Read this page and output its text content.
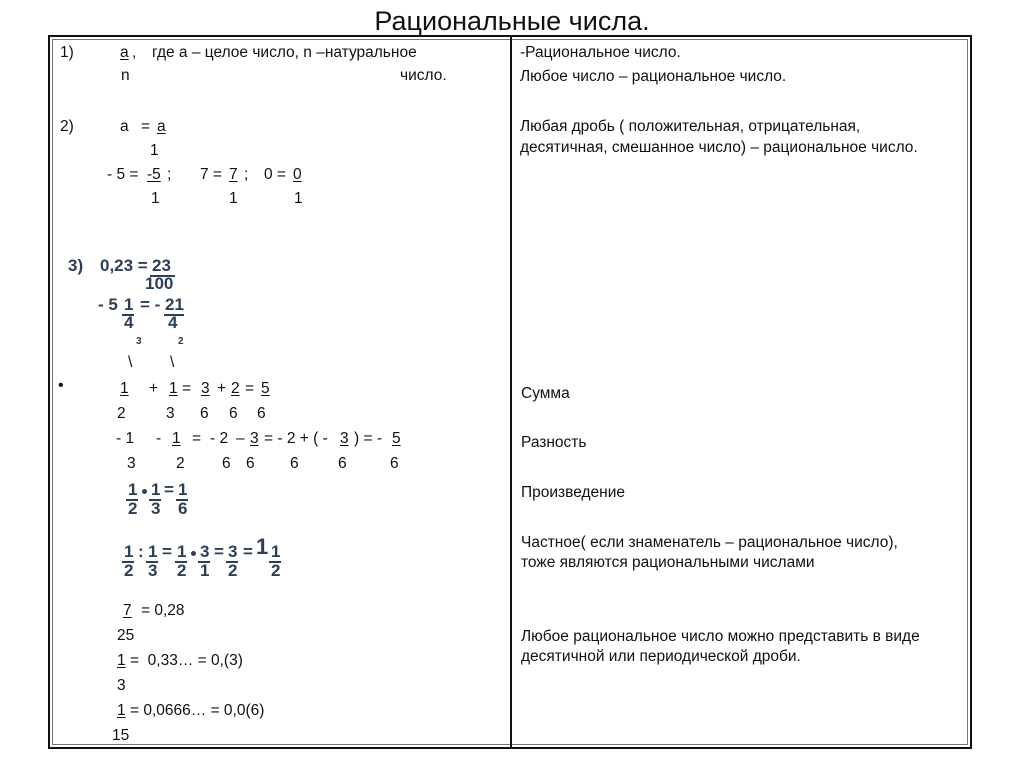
Рациональные числа.
1)	a , где а – целое число, n –натуральное
n	число.
2)	a = a
1
- 5 = -5 ; 7 = 7 ; 0 = 0
1	1	1
3) 0,23 = 23
100
- 5 1 = - 21
4 4
3	2
\ \
•	1 + 1 = 3 + 2 = 5
2	3 6 6 6
- 1 - 1 = - 2 – 3 = - 2 + ( - 3 ) = - 5
3	2 6 6 6	6	6
1 1 = 1
2 3 6
1 : 1 = 1 3 = 3 = 1 1
2 3 2 1 2 2
7 = 0,28
25
1 =  0,33… = 0,(3)
3
1 = 0,0666… = 0,0(6)
15
-Рациональное число.
Любое число – рациональное число.
Любая дробь ( положительная, отрицательная,
десятичная, смешанное число) – рациональное число.
Сумма
Разность
Произведение
Частное( если знаменатель – рациональное число),
тоже являются рациональными числами
Любое рациональное число можно представить в виде
десятичной или периодической дроби.
